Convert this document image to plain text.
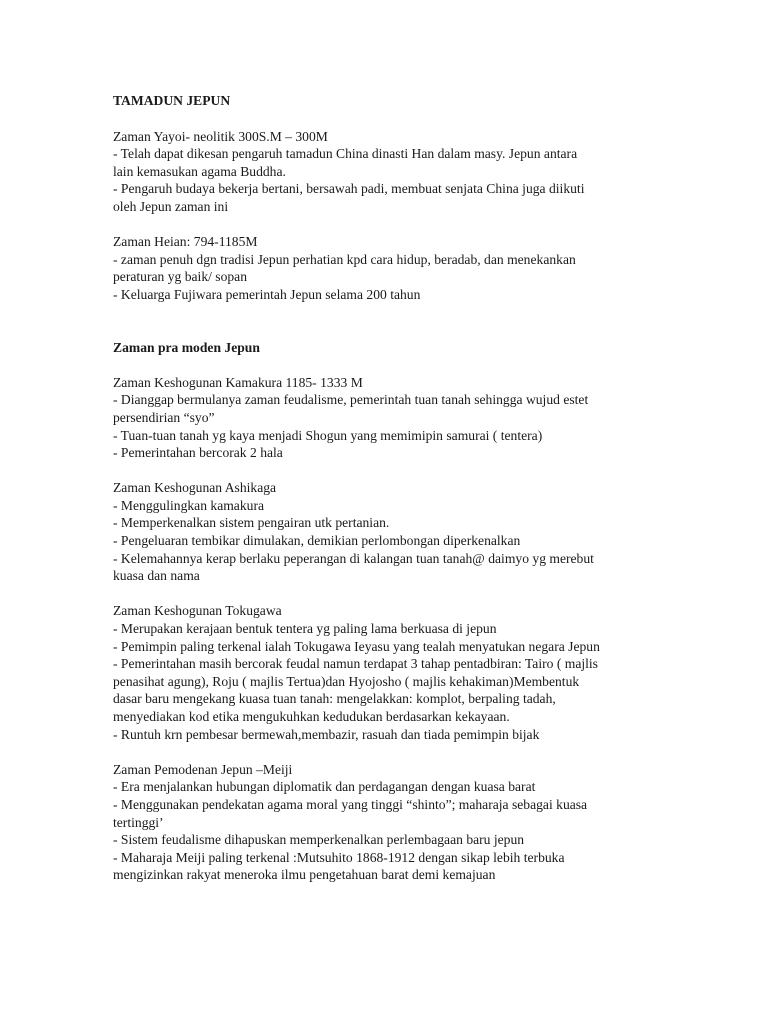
TAMADUN JEPUN
Zaman Yayoi- neolitik 300S.M – 300M
- Telah dapat dikesan pengaruh tamadun China dinasti Han dalam masy. Jepun antara
lain kemasukan agama Buddha.
- Pengaruh budaya bekerja bertani, bersawah padi, membuat senjata China juga diikuti
oleh Jepun zaman ini
Zaman Heian: 794-1185M
- zaman penuh dgn tradisi Jepun perhatian kpd cara hidup, beradab, dan menekankan
peraturan yg baik/ sopan
- Keluarga Fujiwara pemerintah Jepun selama 200 tahun
Zaman pra moden Jepun
Zaman Keshogunan Kamakura 1185- 1333 M
- Dianggap bermulanya zaman feudalisme, pemerintah tuan tanah sehingga wujud estet
persendirian “syo”
- Tuan-tuan tanah yg kaya menjadi Shogun yang memimipin samurai ( tentera)
- Pemerintahan bercorak 2 hala
Zaman Keshogunan Ashikaga
- Menggulingkan kamakura
- Memperkenalkan sistem pengairan utk pertanian.
- Pengeluaran tembikar dimulakan, demikian perlombongan diperkenalkan
- Kelemahannya kerap berlaku peperangan di kalangan tuan tanah@ daimyo yg merebut
kuasa dan nama
Zaman Keshogunan Tokugawa
- Merupakan kerajaan bentuk tentera yg paling lama berkuasa di jepun
- Pemimpin paling terkenal ialah Tokugawa Ieyasu yang tealah menyatukan negara Jepun
- Pemerintahan masih bercorak feudal namun terdapat 3 tahap pentadbiran: Tairo ( majlis
penasihat agung), Roju ( majlis Tertua)dan Hyojosho ( majlis kehakiman)Membentuk
dasar baru mengekang kuasa tuan tanah: mengelakkan: komplot, berpaling tadah,
menyediakan kod etika mengukuhkan kedudukan berdasarkan kekayaan.
- Runtuh krn pembesar bermewah,membazir, rasuah dan tiada pemimpin bijak
Zaman Pemodenan Jepun –Meiji
- Era menjalankan hubungan diplomatik dan perdagangan dengan kuasa barat
- Menggunakan pendekatan agama moral yang tinggi “shinto”; maharaja sebagai kuasa
tertinggi’
- Sistem feudalisme dihapuskan memperkenalkan perlembagaan baru jepun
- Maharaja Meiji paling terkenal :Mutsuhito 1868-1912 dengan sikap lebih terbuka
mengizinkan rakyat meneroka ilmu pengetahuan barat demi kemajuan
